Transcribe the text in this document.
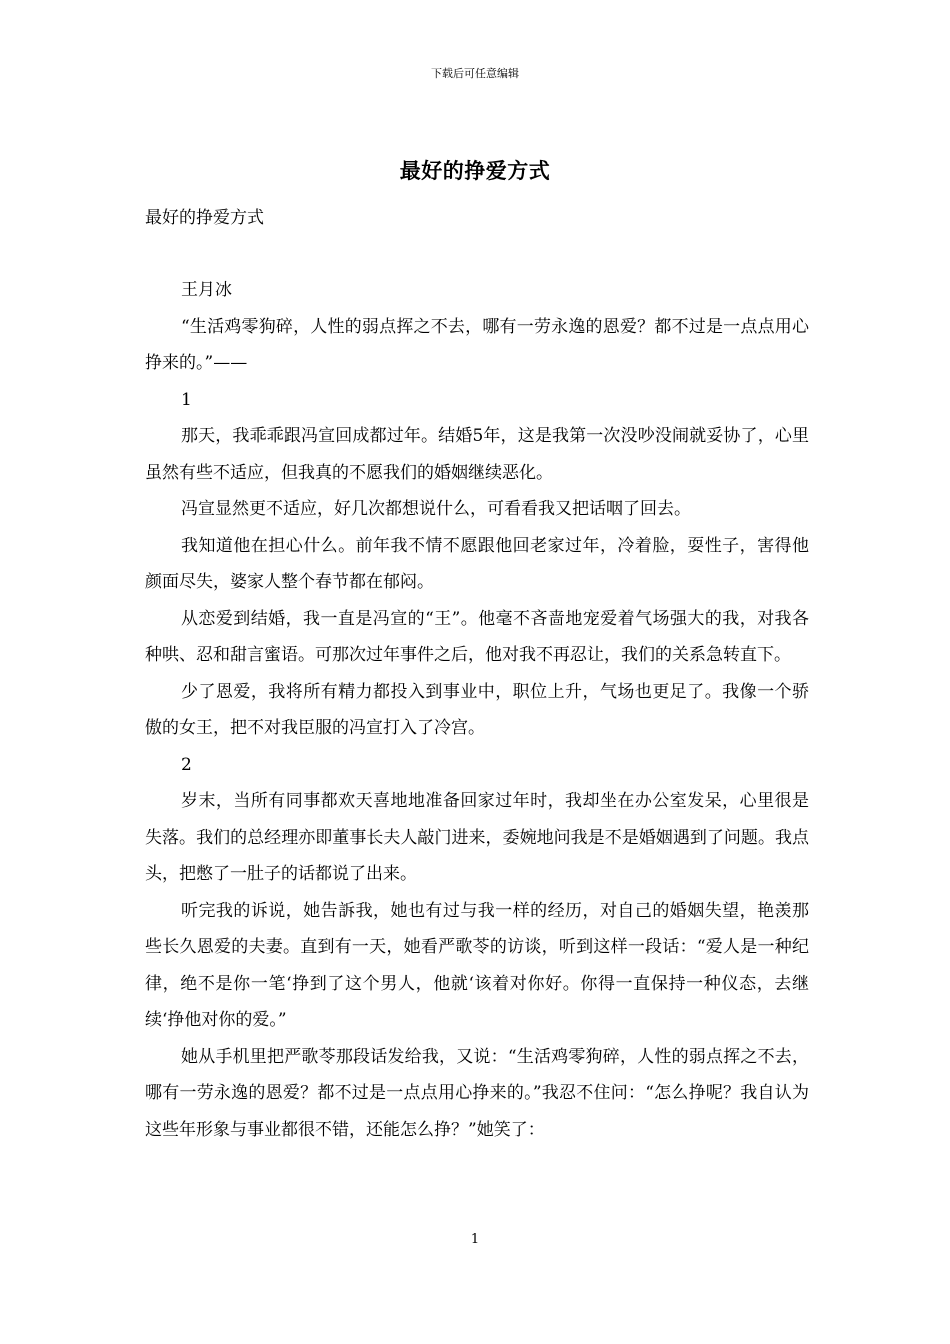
下载后可任意编辑
最好的挣爱方式

最好的挣爱方式

王月冰

“生活鸡零狗碎，人性的弱点挥之不去，哪有一劳永逸的恩爱？都不过是一点点用心挣来的。”——

1

那天，我乖乖跟冯宣回成都过年。结婚5年，这是我第一次没吵没闹就妥协了，心里虽然有些不适应，但我真的不愿我们的婚姻继续恶化。

冯宣显然更不适应，好几次都想说什么，可看看我又把话咽了回去。

我知道他在担心什么。前年我不情不愿跟他回老家过年，冷着脸，耍性子，害得他颜面尽失，婆家人整个春节都在郁闷。

从恋爱到结婚，我一直是冯宣的“王”。他毫不吝啬地宠爱着气场强大的我，对我各种哄、忍和甜言蜜语。可那次过年事件之后，他对我不再忍让，我们的关系急转直下。

少了恩爱，我将所有精力都投入到事业中，职位上升，气场也更足了。我像一个骄傲的女王，把不对我臣服的冯宣打入了冷宫。

2

岁末，当所有同事都欢天喜地地准备回家过年时，我却坐在办公室发呆，心里很是失落。我们的总经理亦即董事长夫人敲门进来，委婉地问我是不是婚姻遇到了问题。我点头，把憋了一肚子的话都说了出来。

听完我的诉说，她告訴我，她也有过与我一样的经历，对自己的婚姻失望，艳羡那些长久恩爱的夫妻。直到有一天，她看严歌苓的访谈，听到这样一段话：“爱人是一种纪律，绝不是你一笔‘挣到了这个男人，他就‘该着对你好。你得一直保持一种仪态，去继续‘挣他对你的爱。”

她从手机里把严歌苓那段话发给我，又说：“生活鸡零狗碎，人性的弱点挥之不去，哪有一劳永逸的恩爱？都不过是一点点用心挣来的。”我忍不住问：“怎么挣呢？我自认为这些年形象与事业都很不错，还能怎么挣？”她笑了：

1
